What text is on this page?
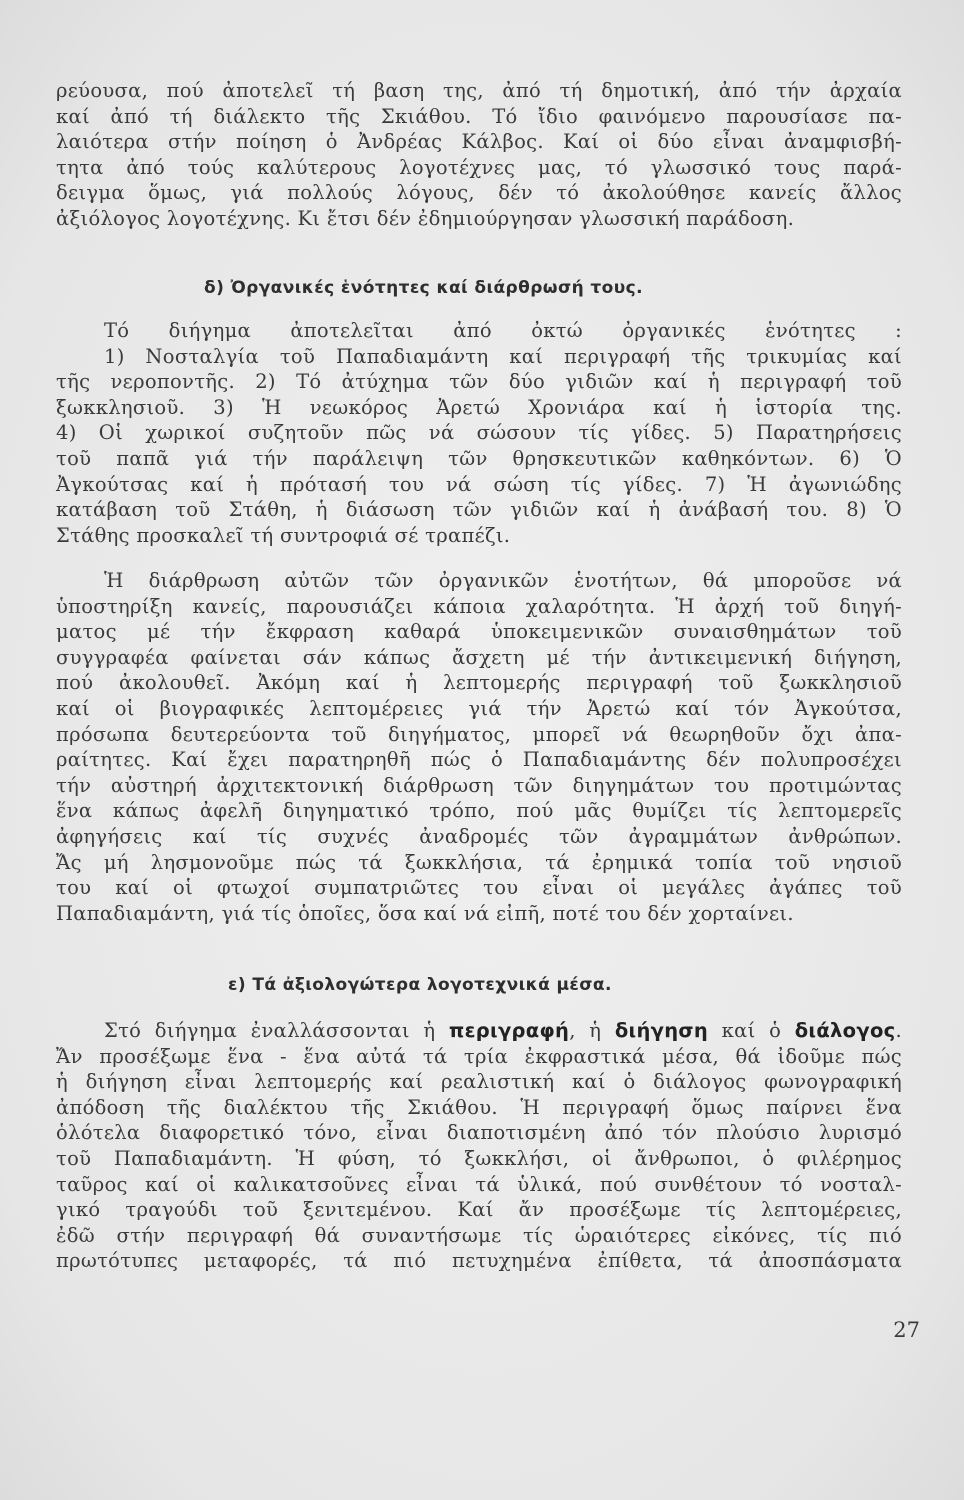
ρεύουσα, πού ἀποτελεῖ τή βαση της, ἀπό τή δημοτική, ἀπό τήν ἀρχαία

καί ἀπό τή διάλεκτο τῆς Σκιάθου. Τό ἴδιο φαινόμενο παρουσίασε πα-

λαιότερα στήν ποίηση ὁ Ἀνδρέας Κάλβος. Καί οἱ δύο εἶναι ἀναμφισβή-

τητα ἀπό τούς καλύτερους λογοτέχνες μας, τό γλωσσικό τους παρά-

δειγμα ὅμως, γιά πολλούς λόγους, δέν τό ἀκολούθησε κανείς ἄλλος

ἀξιόλογος λογοτέχνης. Κι ἔτσι δέν ἐδημιούργησαν γλωσσική παράδοση.

δ) Ὀργανικές ἑνότητες καί διάρθρωσή τους.

Τό διήγημα ἀποτελεῖται ἀπό ὀκτώ ὀργανικές ἑνότητες :

1) Νοσταλγία τοῦ Παπαδιαμάντη καί περιγραφή τῆς τρικυμίας καί

τῆς νεροποντῆς. 2) Τό ἀτύχημα τῶν δύο γιδιῶν καί ἡ περιγραφή τοῦ

ξωκκλησιοῦ. 3) Ἡ νεωκόρος Ἀρετώ Χρονιάρα καί ἡ ἱστορία της.

4) Οἱ χωρικοί συζητοῦν πῶς νά σώσουν τίς γίδες. 5) Παρατηρήσεις

τοῦ παπᾶ γιά τήν παράλειψη τῶν θρησκευτικῶν καθηκόντων. 6) Ὁ

Ἀγκούτσας καί ἡ πρότασή του νά σώση τίς γίδες. 7) Ἡ ἀγωνιώδης

κατάβαση τοῦ Στάθη, ἡ διάσωση τῶν γιδιῶν καί ἡ ἀνάβασή του. 8) Ὁ

Στάθης προσκαλεῖ τή συντροφιά σέ τραπέζι.

Ἡ διάρθρωση αὐτῶν τῶν ὀργανικῶν ἑνοτήτων, θά μποροῦσε νά

ὑποστηρίξη κανείς, παρουσιάζει κάποια χαλαρότητα. Ἡ ἀρχή τοῦ διηγή-

ματος μέ τήν ἔκφραση καθαρά ὑποκειμενικῶν συναισθημάτων τοῦ

συγγραφέα φαίνεται σάν κάπως ἄσχετη μέ τήν ἀντικειμενική διήγηση,

πού ἀκολουθεῖ. Ἀκόμη καί ἡ λεπτομερής περιγραφή τοῦ ξωκκλησιοῦ

καί οἱ βιογραφικές λεπτομέρειες γιά τήν Ἀρετώ καί τόν Ἀγκούτσα,

πρόσωπα δευτερεύοντα τοῦ διηγήματος, μπορεῖ νά θεωρηθοῦν ὄχι ἀπα-

ραίτητες. Καί ἔχει παρατηρηθῆ πώς ὁ Παπαδιαμάντης δέν πολυπροσέχει

τήν αὐστηρή ἀρχιτεκτονική διάρθρωση τῶν διηγημάτων του προτιμώντας

ἕνα κάπως ἀφελῆ διηγηματικό τρόπο, πού μᾶς θυμίζει τίς λεπτομερεῖς

ἀφηγήσεις καί τίς συχνές ἀναδρομές τῶν ἀγραμμάτων ἀνθρώπων.

Ἄς μή λησμονοῦμε πώς τά ξωκκλήσια, τά ἐρημικά τοπία τοῦ νησιοῦ

του καί οἱ φτωχοί συμπατριῶτες του εἶναι οἱ μεγάλες ἀγάπες τοῦ

Παπαδιαμάντη, γιά τίς ὁποῖες, ὅσα καί νά εἰπῆ, ποτέ του δέν χορταίνει.

ε) Τά ἀξιολογώτερα λογοτεχνικά μέσα.

Στό διήγημα ἐναλλάσσονται ἡ περιγραφή, ἡ διήγηση καί ὁ διάλογος.

Ἄν προσέξωμε ἕνα - ἕνα αὐτά τά τρία ἐκφραστικά μέσα, θά ἰδοῦμε πώς

ἡ διήγηση εἶναι λεπτομερής καί ρεαλιστική καί ὁ διάλογος φωνογραφική

ἀπόδοση τῆς διαλέκτου τῆς Σκιάθου. Ἡ περιγραφή ὅμως παίρνει ἕνα

ὁλότελα διαφορετικό τόνο, εἶναι διαποτισμένη ἀπό τόν πλούσιο λυρισμό

τοῦ Παπαδιαμάντη. Ἡ φύση, τό ξωκκλήσι, οἱ ἄνθρωποι, ὁ φιλέρημος

ταῦρος καί οἱ καλικατσοῦνες εἶναι τά ὑλικά, πού συνθέτουν τό νοσταλ-

γικό τραγούδι τοῦ ξενιτεμένου. Καί ἄν προσέξωμε τίς λεπτομέρειες,

ἐδῶ στήν περιγραφή θά συναντήσωμε τίς ὡραιότερες εἰκόνες, τίς πιό

πρωτότυπες μεταφορές, τά πιό πετυχημένα ἐπίθετα, τά ἀποσπάσματα

27
